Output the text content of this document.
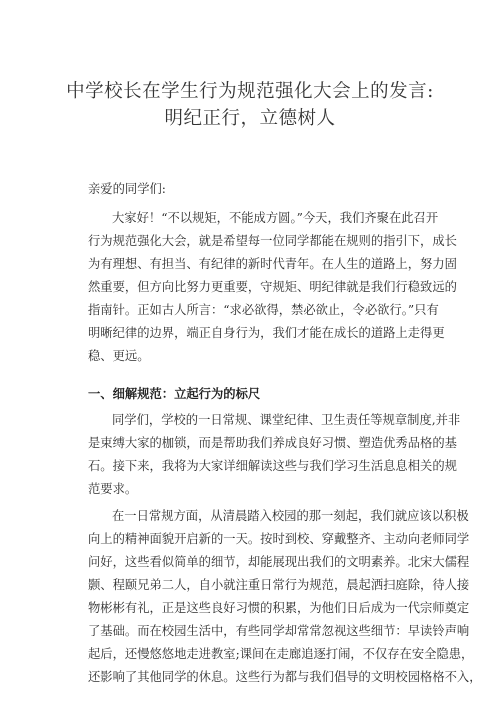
中学校长在学生行为规范强化大会上的发言:
明纪正行，立德树人
亲爱的同学们:
大家好！“不以规矩，不能成方圆。”今天，我们齐聚在此召开
行为规范强化大会，就是希望每一位同学都能在规则的指引下，成长
为有理想、有担当、有纪律的新时代青年。在人生的道路上，努力固
然重要，但方向比努力更重要，守规矩、明纪律就是我们行稳致远的
指南针。正如古人所言：“求必欲得，禁必欲止，令必欲行。”只有
明晰纪律的边界，端正自身行为，我们才能在成长的道路上走得更
稳、更远。
一、细解规范：立起行为的标尺
同学们，学校的一日常规、课堂纪律、卫生责任等规章制度,并非
是束缚大家的枷锁，而是帮助我们养成良好习惯、塑造优秀品格的基
石。接下来，我将为大家详细解读这些与我们学习生活息息相关的规
范要求。
在一日常规方面，从清晨踏入校园的那一刻起，我们就应该以积极
向上的精神面貌开启新的一天。按时到校、穿戴整齐、主动向老师同学
问好，这些看似简单的细节，却能展现出我们的文明素养。北宋大儒程
颢、程颐兄弟二人，自小就注重日常行为规范，晨起洒扫庭除，待人接
物彬彬有礼，正是这些良好习惯的积累，为他们日后成为一代宗师奠定
了基础。而在校园生活中，有些同学却常常忽视这些细节：早读铃声响
起后，还慢悠悠地走进教室;课间在走廊追逐打闹，不仅存在安全隐患，
还影响了其他同学的休息。这些行为都与我们倡导的文明校园格格不入，
